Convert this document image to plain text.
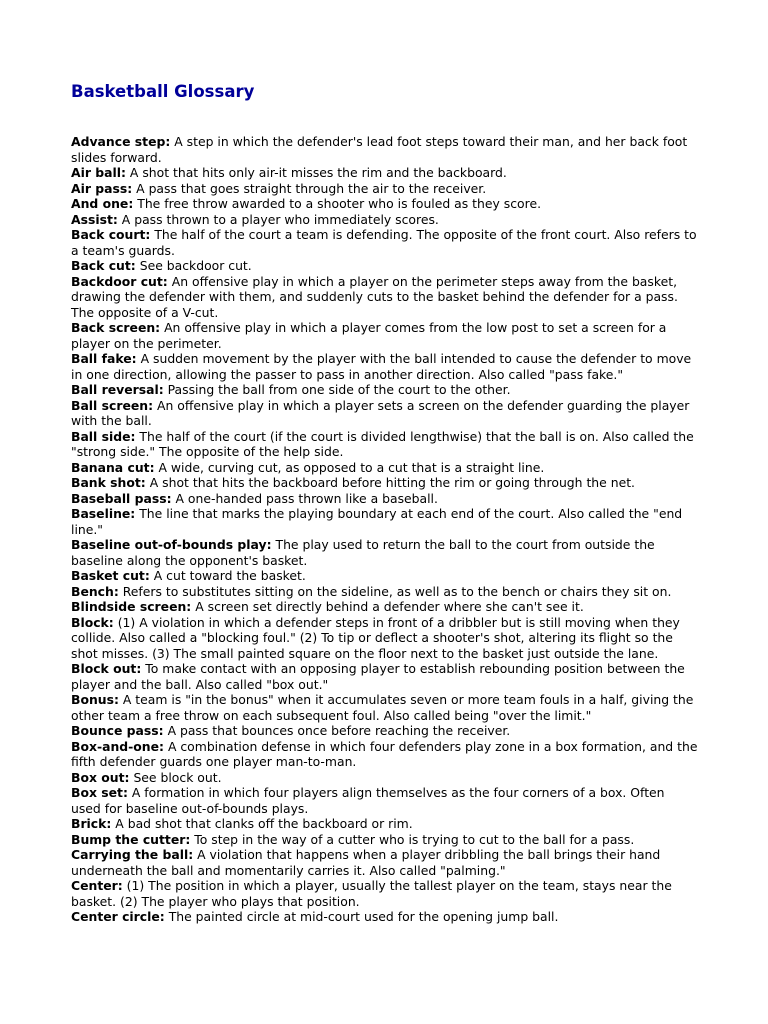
Basketball Glossary

Advance step: A step in which the defender's lead foot steps toward their man, and her back foot slides forward.

Air ball: A shot that hits only air-it misses the rim and the backboard.

Air pass: A pass that goes straight through the air to the receiver.

And one: The free throw awarded to a shooter who is fouled as they score.

Assist: A pass thrown to a player who immediately scores.

Back court: The half of the court a team is defending. The opposite of the front court. Also refers to a team's guards.

Back cut: See backdoor cut.

Backdoor cut: An offensive play in which a player on the perimeter steps away from the basket, drawing the defender with them, and suddenly cuts to the basket behind the defender for a pass. The opposite of a V-cut.

Back screen: An offensive play in which a player comes from the low post to set a screen for a player on the perimeter.

Ball fake: A sudden movement by the player with the ball intended to cause the defender to move in one direction, allowing the passer to pass in another direction. Also called "pass fake."

Ball reversal: Passing the ball from one side of the court to the other.

Ball screen: An offensive play in which a player sets a screen on the defender guarding the player with the ball.

Ball side: The half of the court (if the court is divided lengthwise) that the ball is on. Also called the "strong side." The opposite of the help side.

Banana cut: A wide, curving cut, as opposed to a cut that is a straight line.

Bank shot: A shot that hits the backboard before hitting the rim or going through the net.

Baseball pass: A one-handed pass thrown like a baseball.

Baseline: The line that marks the playing boundary at each end of the court. Also called the "end line."

Baseline out-of-bounds play: The play used to return the ball to the court from outside the baseline along the opponent's basket.

Basket cut: A cut toward the basket.

Bench: Refers to substitutes sitting on the sideline, as well as to the bench or chairs they sit on.

Blindside screen: A screen set directly behind a defender where she can't see it.

Block: (1) A violation in which a defender steps in front of a dribbler but is still moving when they collide. Also called a "blocking foul." (2) To tip or deflect a shooter's shot, altering its flight so the shot misses. (3) The small painted square on the floor next to the basket just outside the lane.

Block out: To make contact with an opposing player to establish rebounding position between the player and the ball. Also called "box out."

Bonus: A team is "in the bonus" when it accumulates seven or more team fouls in a half, giving the other team a free throw on each subsequent foul. Also called being "over the limit."

Bounce pass: A pass that bounces once before reaching the receiver.

Box-and-one: A combination defense in which four defenders play zone in a box formation, and the fifth defender guards one player man-to-man.

Box out: See block out.

Box set: A formation in which four players align themselves as the four corners of a box. Often used for baseline out-of-bounds plays.

Brick: A bad shot that clanks off the backboard or rim.

Bump the cutter: To step in the way of a cutter who is trying to cut to the ball for a pass.

Carrying the ball: A violation that happens when a player dribbling the ball brings their hand underneath the ball and momentarily carries it. Also called "palming."

Center: (1) The position in which a player, usually the tallest player on the team, stays near the basket. (2) The player who plays that position.

Center circle: The painted circle at mid-court used for the opening jump ball.
